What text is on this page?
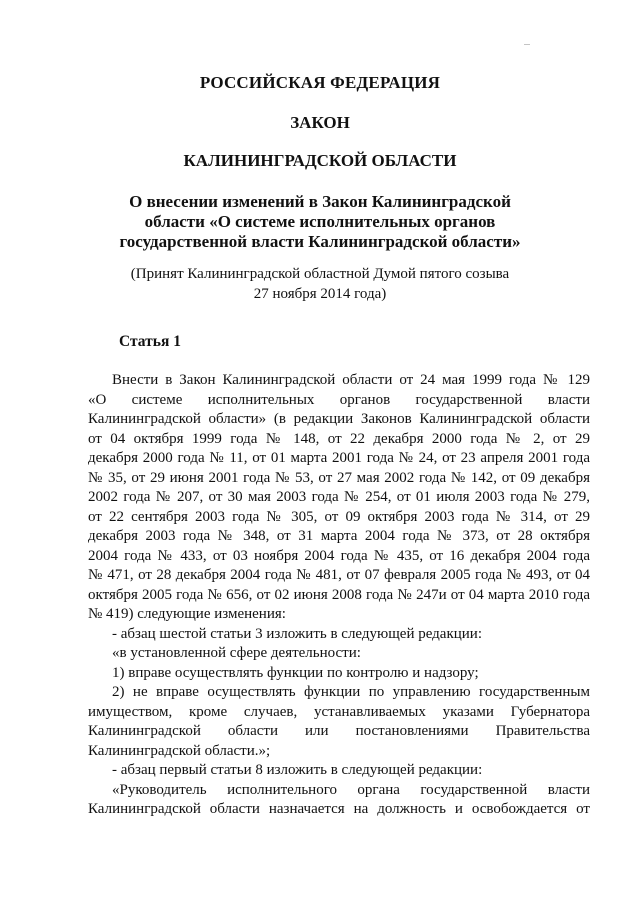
...
РОССИЙСКАЯ ФЕДЕРАЦИЯ
ЗАКОН
КАЛИНИНГРАДСКОЙ ОБЛАСТИ
О внесении изменений в Закон Калининградской
области «О системе исполнительных органов
государственной власти Калининградской области»
(Принят Калининградской областной Думой пятого созыва
27 ноября 2014 года)
Статья 1
Внести в Закон Калининградской области от 24 мая 1999 года № 129
«О системе исполнительных органов государственной власти
Калининградской области» (в редакции Законов Калининградской области
от 04 октября 1999 года № 148, от 22 декабря 2000 года № 2, от 29
декабря 2000 года № 11, от 01 марта 2001 года № 24, от 23 апреля 2001 года
№ 35, от 29 июня 2001 года № 53, от 27 мая 2002 года № 142, от 09 декабря
2002 года № 207, от 30 мая 2003 года № 254, от 01 июля 2003 года № 279,
от 22 сентября 2003 года № 305, от 09 октября 2003 года № 314, от 29
декабря 2003 года № 348, от 31 марта 2004 года № 373, от 28 октября
2004 года № 433, от 03 ноября 2004 года № 435, от 16 декабря 2004 года
№ 471, от 28 декабря 2004 года № 481, от 07 февраля 2005 года № 493, от 04
октября 2005 года № 656, от 02 июня 2008 года № 247и от 04 марта 2010 года
№ 419) следующие изменения:
- абзац шестой статьи 3 изложить в следующей редакции:
«в установленной сфере деятельности:
1) вправе осуществлять функции по контролю и надзору;
2) не вправе осуществлять функции по управлению государственным
имуществом, кроме случаев, устанавливаемых указами Губернатора
Калининградской области или постановлениями Правительства
Калининградской области.»;
- абзац первый статьи 8 изложить в следующей редакции:
«Руководитель исполнительного органа государственной власти
Калининградской области назначается на должность и освобождается от
